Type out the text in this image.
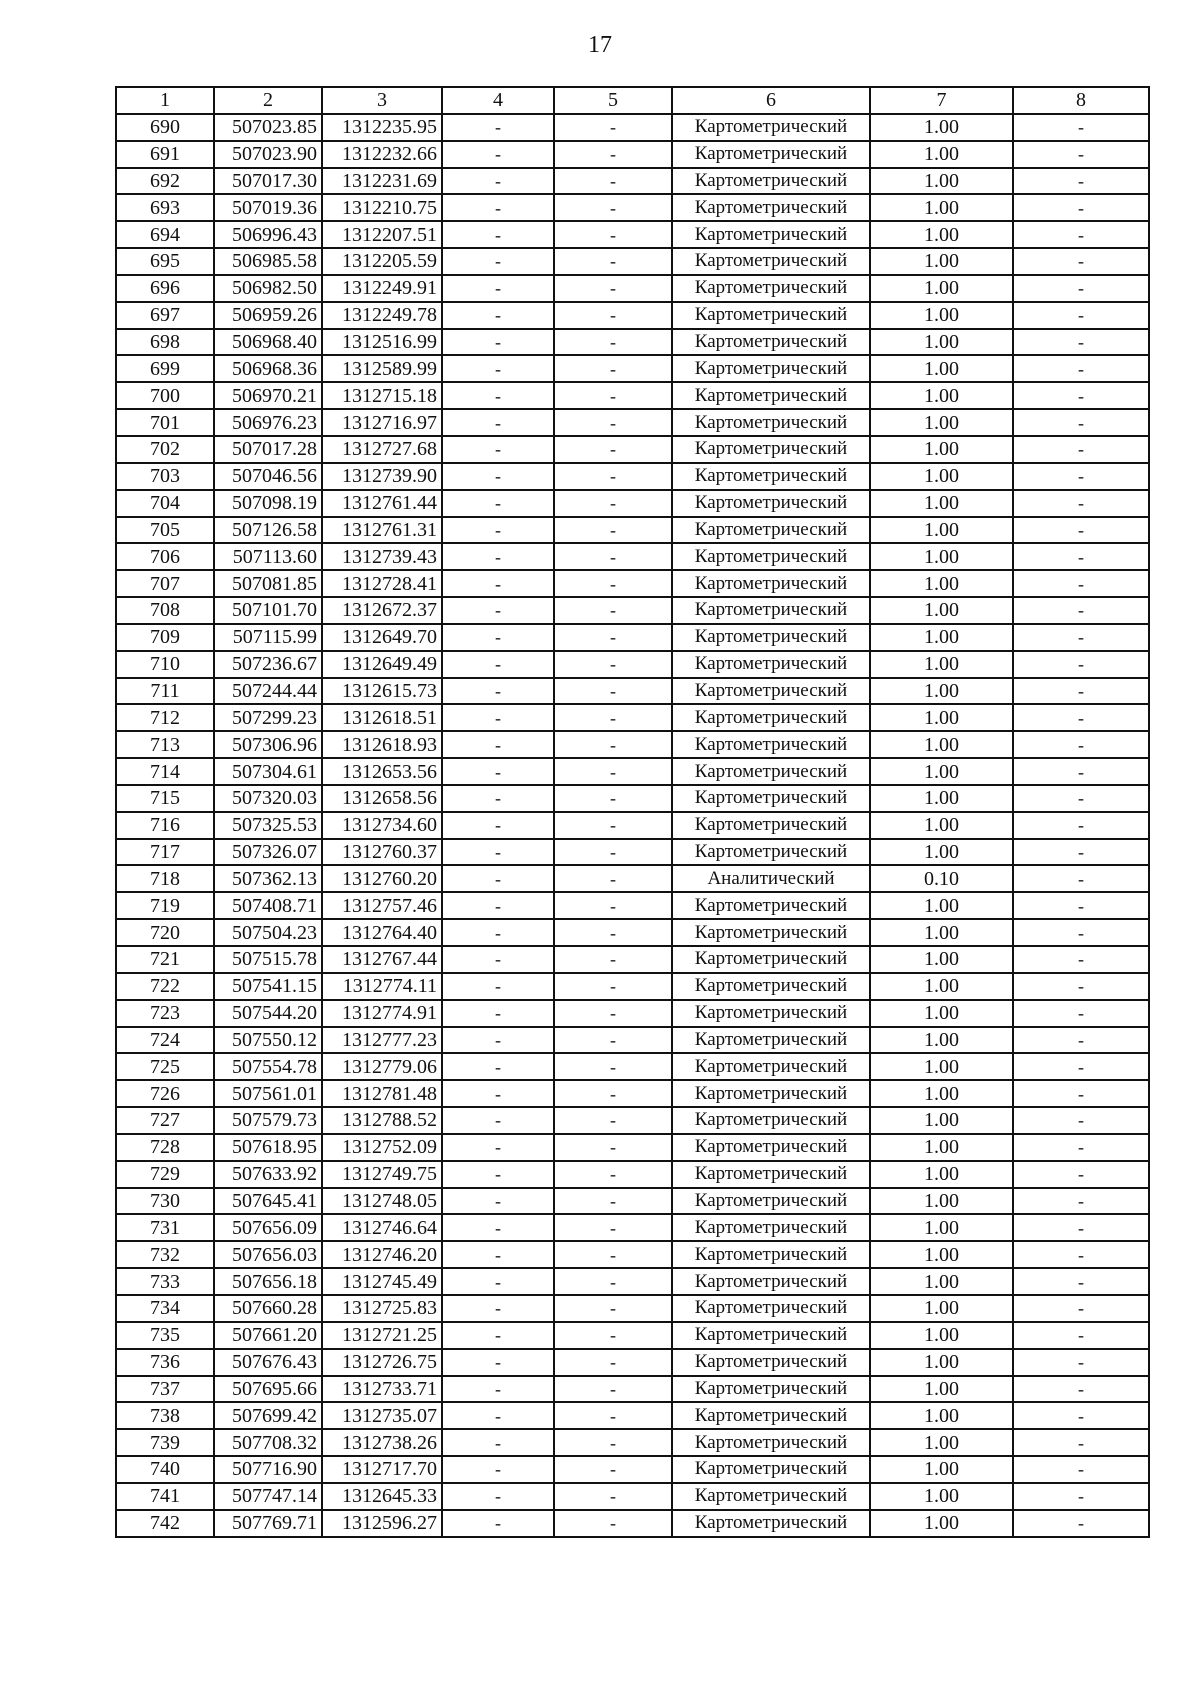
17
1	2	3	4	5	6	7	8
690	507023.85	1312235.95	-	-	Картометрический	1.00	-
691	507023.90	1312232.66	-	-	Картометрический	1.00	-
692	507017.30	1312231.69	-	-	Картометрический	1.00	-
693	507019.36	1312210.75	-	-	Картометрический	1.00	-
694	506996.43	1312207.51	-	-	Картометрический	1.00	-
695	506985.58	1312205.59	-	-	Картометрический	1.00	-
696	506982.50	1312249.91	-	-	Картометрический	1.00	-
697	506959.26	1312249.78	-	-	Картометрический	1.00	-
698	506968.40	1312516.99	-	-	Картометрический	1.00	-
699	506968.36	1312589.99	-	-	Картометрический	1.00	-
700	506970.21	1312715.18	-	-	Картометрический	1.00	-
701	506976.23	1312716.97	-	-	Картометрический	1.00	-
702	507017.28	1312727.68	-	-	Картометрический	1.00	-
703	507046.56	1312739.90	-	-	Картометрический	1.00	-
704	507098.19	1312761.44	-	-	Картометрический	1.00	-
705	507126.58	1312761.31	-	-	Картометрический	1.00	-
706	507113.60	1312739.43	-	-	Картометрический	1.00	-
707	507081.85	1312728.41	-	-	Картометрический	1.00	-
708	507101.70	1312672.37	-	-	Картометрический	1.00	-
709	507115.99	1312649.70	-	-	Картометрический	1.00	-
710	507236.67	1312649.49	-	-	Картометрический	1.00	-
711	507244.44	1312615.73	-	-	Картометрический	1.00	-
712	507299.23	1312618.51	-	-	Картометрический	1.00	-
713	507306.96	1312618.93	-	-	Картометрический	1.00	-
714	507304.61	1312653.56	-	-	Картометрический	1.00	-
715	507320.03	1312658.56	-	-	Картометрический	1.00	-
716	507325.53	1312734.60	-	-	Картометрический	1.00	-
717	507326.07	1312760.37	-	-	Картометрический	1.00	-
718	507362.13	1312760.20	-	-	Аналитический	0.10	-
719	507408.71	1312757.46	-	-	Картометрический	1.00	-
720	507504.23	1312764.40	-	-	Картометрический	1.00	-
721	507515.78	1312767.44	-	-	Картометрический	1.00	-
722	507541.15	1312774.11	-	-	Картометрический	1.00	-
723	507544.20	1312774.91	-	-	Картометрический	1.00	-
724	507550.12	1312777.23	-	-	Картометрический	1.00	-
725	507554.78	1312779.06	-	-	Картометрический	1.00	-
726	507561.01	1312781.48	-	-	Картометрический	1.00	-
727	507579.73	1312788.52	-	-	Картометрический	1.00	-
728	507618.95	1312752.09	-	-	Картометрический	1.00	-
729	507633.92	1312749.75	-	-	Картометрический	1.00	-
730	507645.41	1312748.05	-	-	Картометрический	1.00	-
731	507656.09	1312746.64	-	-	Картометрический	1.00	-
732	507656.03	1312746.20	-	-	Картометрический	1.00	-
733	507656.18	1312745.49	-	-	Картометрический	1.00	-
734	507660.28	1312725.83	-	-	Картометрический	1.00	-
735	507661.20	1312721.25	-	-	Картометрический	1.00	-
736	507676.43	1312726.75	-	-	Картометрический	1.00	-
737	507695.66	1312733.71	-	-	Картометрический	1.00	-
738	507699.42	1312735.07	-	-	Картометрический	1.00	-
739	507708.32	1312738.26	-	-	Картометрический	1.00	-
740	507716.90	1312717.70	-	-	Картометрический	1.00	-
741	507747.14	1312645.33	-	-	Картометрический	1.00	-
742	507769.71	1312596.27	-	-	Картометрический	1.00	-
